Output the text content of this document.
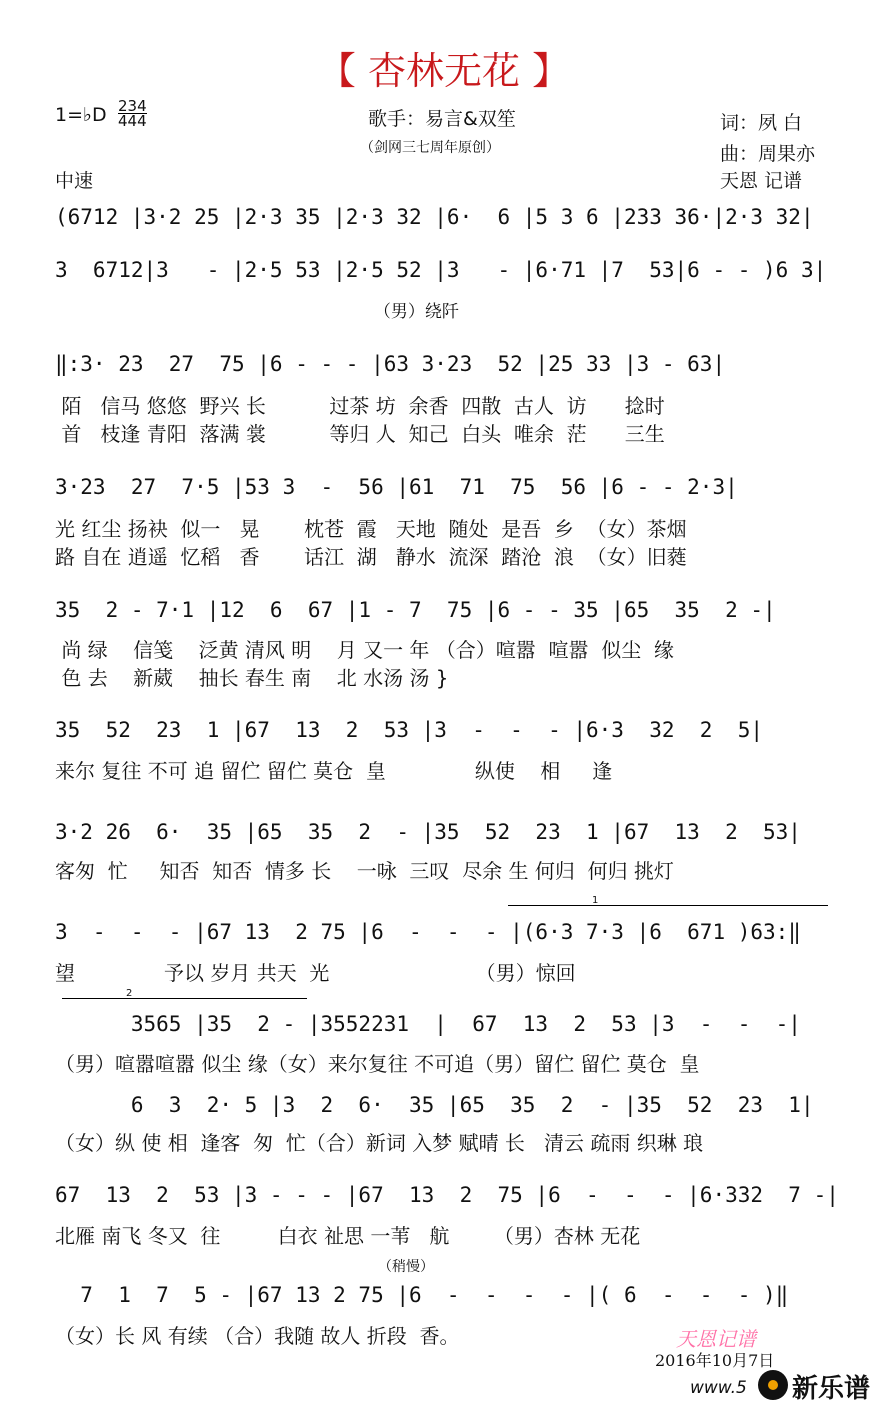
【 杏林无花 】
1=♭D 234
444	歌手：易言&双笙
（剑网三七周年原创）
词：夙 白
曲：周果亦
天恩 记谱
中速
(6712 |3·2 25 |2·3 35 |2·3 32 |6·  6 |5 3 6 |233 36·|2·3 32|
3  6712|3   - |2·5 53 |2·5 52 |3   - |6·71 |7  53|6 - - )6 3|
（男）绕阡
‖:3· 23  27  75 |6 - - - |63 3·23  52 |25 33 |3 - 63|
陌   信马 悠悠  野兴 长          过茶 坊  余香  四散  古人  访      捻时
首   枝逢 青阳  落满 裳          等归 人  知己  白头  唯余  茫      三生
3·23  27  7·5 |53 3  -  56 |61  71  75  56 |6 - - 2·3|
光 红尘 扬袂  似一   晃       枕苍  霞   天地  随处  是吾  乡  （女）茶烟
路 自在 逍遥  忆稻   香       话江  湖   静水  流深  踏沧  浪  （女）旧蕤
35  2 - 7·1 |12  6  67 |1 - 7  75 |6 - - 35 |65  35  2 -|
尚 绿    信笺    泛黄 清风 明    月 又一 年 （合）喧嚣  喧嚣  似尘  缘
色 去    新葳    抽长 春生 南    北 水汤 汤 }
35  52  23  1 |67  13  2  53 |3  -  -  - |6·3  32  2  5|
来尔 复往 不可 追 留伫 留伫 莫仓  皇              纵使    相     逢
3·2 26  6·  35 |65  35  2  - |35  52  23  1 |67  13  2  53|
客匆  忙     知否  知否  情多 长    一咏  三叹  尽余 生 何归  何归 挑灯
1
3  -  -  - |67 13  2 75 |6  -  -  - |(6·3 7·3 |6  671 )63:‖
望              予以 岁月 共天  光                       （男）惊回
2
3565 |35  2 - |3552231  |  67  13  2  53 |3  -  -  -|
（男）喧嚣喧嚣 似尘 缘（女）来尔复往 不可追（男）留伫 留伫 莫仓  皇
6  3  2· 5 |3  2  6·  35 |65  35  2  - |35  52  23  1|
（女）纵 使 相  逢客  匆  忙（合）新词 入梦 赋晴 长   清云 疏雨 织琳 琅
67  13  2  53 |3 - - - |67  13  2  75 |6  -  -  - |6·332  7 -|
北雁 南飞 冬又  往         白衣 祉思 一苇   航       （男）杏林 无花
（稍慢）
7  1  7  5 - |67 13 2 75 |6  -  -  -  - |( 6  -  -  - )‖
（女）长 风 有续 （合）我随 故人 折段  香。	天恩记谱
2016年10月7日
www.5 新乐谱
